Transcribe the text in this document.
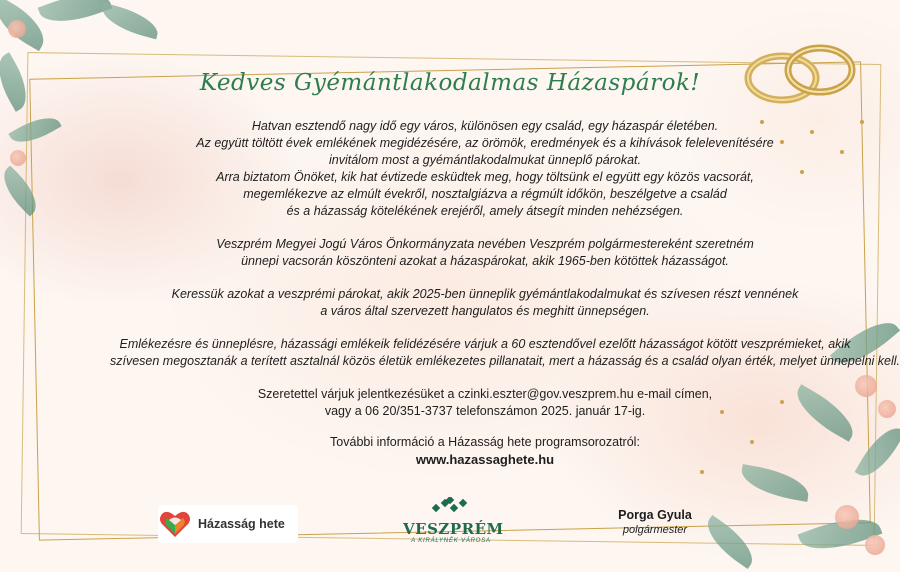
Kedves Gyémántlakodalmas Házaspárok!

Hatvan esztendő nagy idő egy város, különösen egy család, egy házaspár életében.
Az együtt töltött évek emlékének megidézésére, az örömök, eredmények és a kihívások felelevenítésére
invitálom most a gyémántlakodalmukat ünneplő párokat.
Arra biztatom Önöket, kik hat évtizede esküdtek meg, hogy töltsünk el együtt egy közös vacsorát,
megemlékezve az elmúlt évekről, nosztalgiázva a régmúlt időkön, beszélgetve a család
és a házasság kötelékének erejéről, amely átsegít minden nehézségen.

Veszprém Megyei Jogú Város Önkormányzata nevében Veszprém polgármestereként szeretném
ünnepi vacsorán köszönteni azokat a házaspárokat, akik 1965-ben kötöttek házasságot.

Keressük azokat a veszprémi párokat, akik 2025-ben ünneplik gyémántlakodalmukat és szívesen részt vennének
a város által szervezett hangulatos és meghitt ünnepségen.

Emlékezésre és ünneplésre, házassági emlékeik felidézésére várjuk a 60 esztendővel ezelőtt házasságot kötött veszprémieket, akik
szívesen megosztanák a terített asztalnál közös életük emlékezetes pillanatait, mert a házasság és a család olyan érték, melyet ünnepelni kell.

Szeretettel várjuk jelentkezésüket a czinki.eszter@gov.veszprem.hu e-mail címen,
vagy a 06 20/351-3737 telefonszámon 2025. január 17-ig.

További információ a Házasság hete programsorozatról:
www.hazassaghete.hu

Házasság hete	VESZPRÉM
A KIRÁLYNÉK VÁROSA
Porga Gyula
polgármester
